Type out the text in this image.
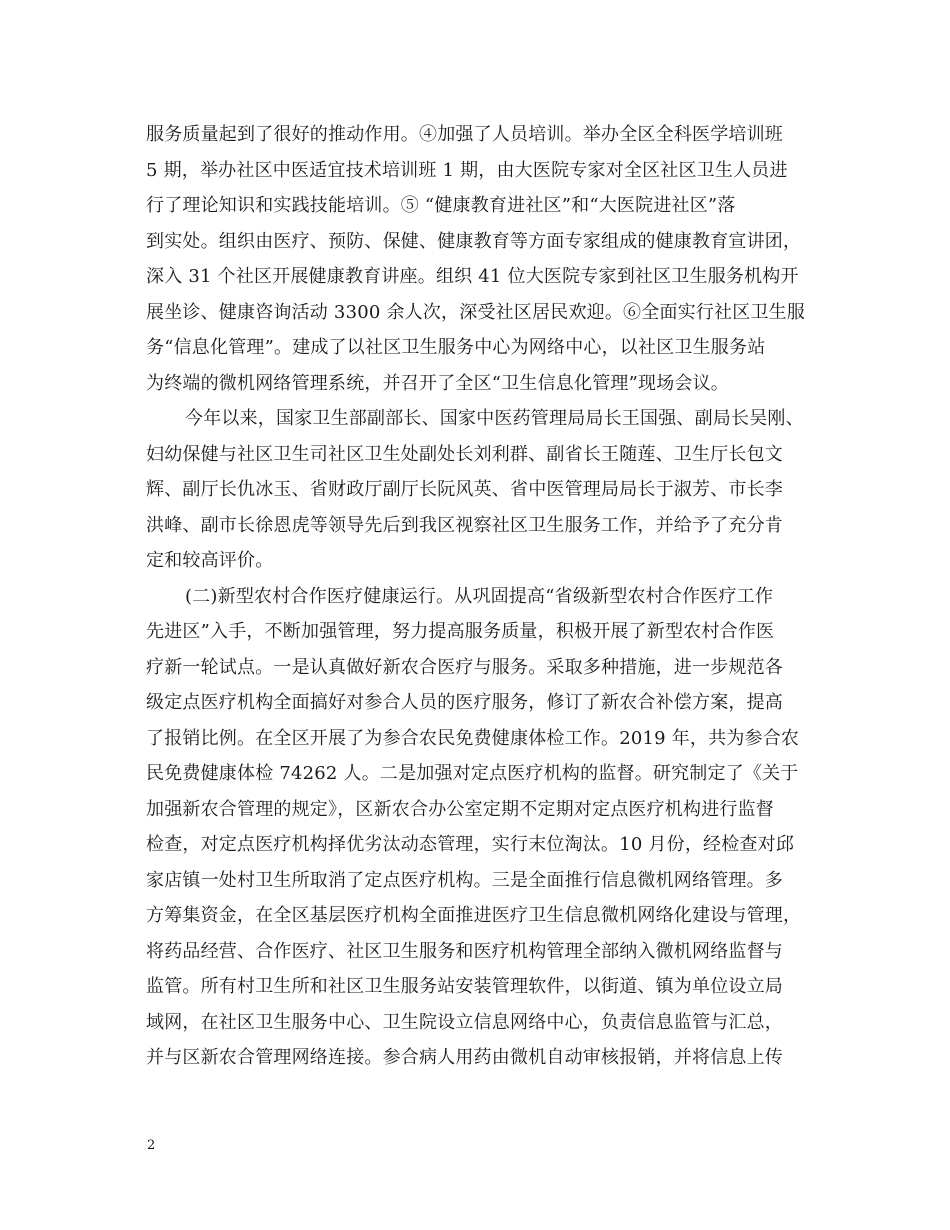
服务质量起到了很好的推动作用。④加强了人员培训。举办全区全科医学培训班
5 期，举办社区中医适宜技术培训班 1 期，由大医院专家对全区社区卫生人员进
行了理论知识和实践技能培训。⑤ “健康教育进社区”和“大医院进社区”落
到实处。组织由医疗、预防、保健、健康教育等方面专家组成的健康教育宣讲团，
深入 31 个社区开展健康教育讲座。组织 41 位大医院专家到社区卫生服务机构开
展坐诊、健康咨询活动 3300 余人次，深受社区居民欢迎。⑥全面实行社区卫生服
务“信息化管理”。建成了以社区卫生服务中心为网络中心，以社区卫生服务站
为终端的微机网络管理系统，并召开了全区“卫生信息化管理”现场会议。
今年以来，国家卫生部副部长、国家中医药管理局局长王国强、副局长吴刚、
妇幼保健与社区卫生司社区卫生处副处长刘利群、副省长王随莲、卫生厅长包文
辉、副厅长仇冰玉、省财政厅副厅长阮风英、省中医管理局局长于淑芳、市长李
洪峰、副市长徐恩虎等领导先后到我区视察社区卫生服务工作，并给予了充分肯
定和较高评价。
(二)新型农村合作医疗健康运行。从巩固提高“省级新型农村合作医疗工作
先进区”入手，不断加强管理，努力提高服务质量，积极开展了新型农村合作医
疗新一轮试点。一是认真做好新农合医疗与服务。采取多种措施，进一步规范各
级定点医疗机构全面搞好对参合人员的医疗服务，修订了新农合补偿方案，提高
了报销比例。在全区开展了为参合农民免费健康体检工作。2019 年，共为参合农
民免费健康体检 74262 人。二是加强对定点医疗机构的监督。研究制定了《关于
加强新农合管理的规定》，区新农合办公室定期不定期对定点医疗机构进行监督
检查，对定点医疗机构择优劣汰动态管理，实行末位淘汰。10 月份，经检查对邱
家店镇一处村卫生所取消了定点医疗机构。三是全面推行信息微机网络管理。多
方筹集资金，在全区基层医疗机构全面推进医疗卫生信息微机网络化建设与管理，
将药品经营、合作医疗、社区卫生服务和医疗机构管理全部纳入微机网络监督与
监管。所有村卫生所和社区卫生服务站安装管理软件，以街道、镇为单位设立局
域网，在社区卫生服务中心、卫生院设立信息网络中心，负责信息监管与汇总，
并与区新农合管理网络连接。参合病人用药由微机自动审核报销，并将信息上传
2
